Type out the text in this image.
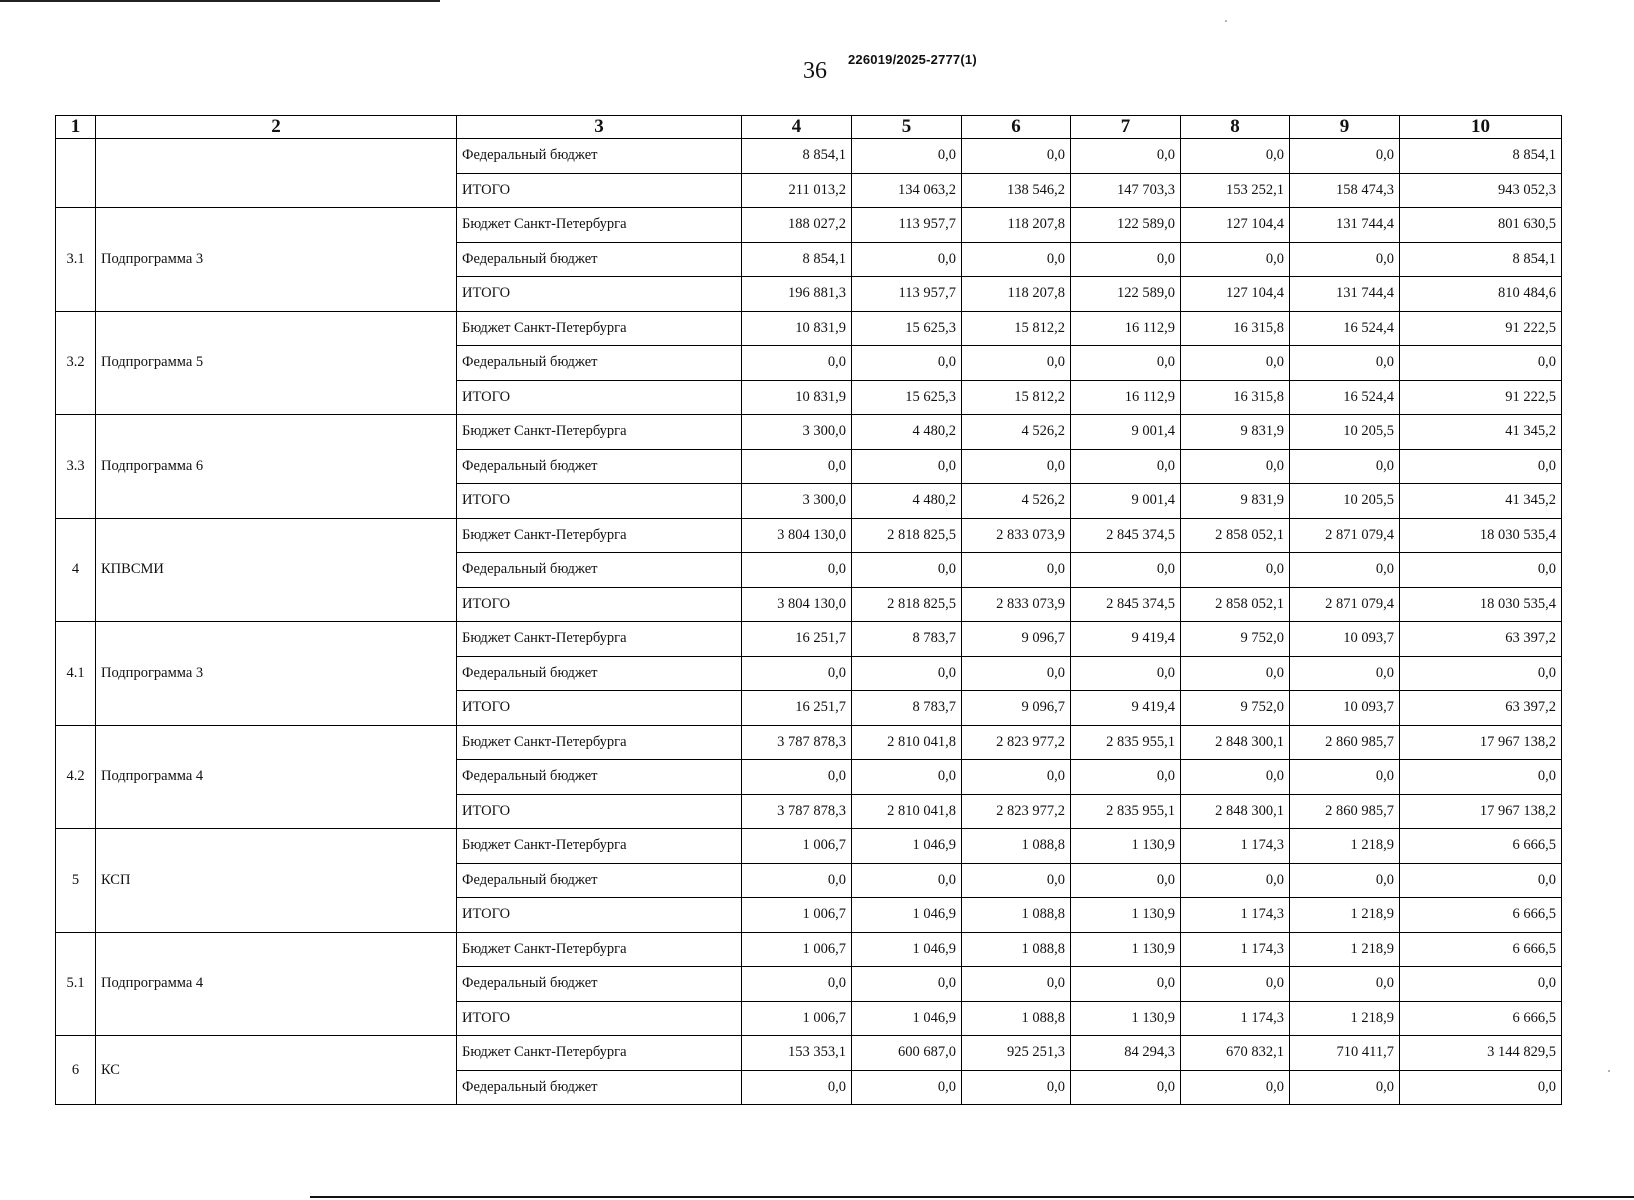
36 226019/2025-2777(1)
1	2	3	4	5	6	7	8	9	10
		Федеральный бюджет	8 854,1	0,0	0,0	0,0	0,0	0,0	8 854,1
		ИТОГО	211 013,2	134 063,2	138 546,2	147 703,3	153 252,1	158 474,3	943 052,3
3.1	Подпрограмма 3	Бюджет Санкт-Петербурга	188 027,2	113 957,7	118 207,8	122 589,0	127 104,4	131 744,4	801 630,5
		Федеральный бюджет	8 854,1	0,0	0,0	0,0	0,0	0,0	8 854,1
		ИТОГО	196 881,3	113 957,7	118 207,8	122 589,0	127 104,4	131 744,4	810 484,6
3.2	Подпрограмма 5	Бюджет Санкт-Петербурга	10 831,9	15 625,3	15 812,2	16 112,9	16 315,8	16 524,4	91 222,5
		Федеральный бюджет	0,0	0,0	0,0	0,0	0,0	0,0	0,0
		ИТОГО	10 831,9	15 625,3	15 812,2	16 112,9	16 315,8	16 524,4	91 222,5
3.3	Подпрограмма 6	Бюджет Санкт-Петербурга	3 300,0	4 480,2	4 526,2	9 001,4	9 831,9	10 205,5	41 345,2
		Федеральный бюджет	0,0	0,0	0,0	0,0	0,0	0,0	0,0
		ИТОГО	3 300,0	4 480,2	4 526,2	9 001,4	9 831,9	10 205,5	41 345,2
4	КПВСМИ	Бюджет Санкт-Петербурга	3 804 130,0	2 818 825,5	2 833 073,9	2 845 374,5	2 858 052,1	2 871 079,4	18 030 535,4
		Федеральный бюджет	0,0	0,0	0,0	0,0	0,0	0,0	0,0
		ИТОГО	3 804 130,0	2 818 825,5	2 833 073,9	2 845 374,5	2 858 052,1	2 871 079,4	18 030 535,4
4.1	Подпрограмма 3	Бюджет Санкт-Петербурга	16 251,7	8 783,7	9 096,7	9 419,4	9 752,0	10 093,7	63 397,2
		Федеральный бюджет	0,0	0,0	0,0	0,0	0,0	0,0	0,0
		ИТОГО	16 251,7	8 783,7	9 096,7	9 419,4	9 752,0	10 093,7	63 397,2
4.2	Подпрограмма 4	Бюджет Санкт-Петербурга	3 787 878,3	2 810 041,8	2 823 977,2	2 835 955,1	2 848 300,1	2 860 985,7	17 967 138,2
		Федеральный бюджет	0,0	0,0	0,0	0,0	0,0	0,0	0,0
		ИТОГО	3 787 878,3	2 810 041,8	2 823 977,2	2 835 955,1	2 848 300,1	2 860 985,7	17 967 138,2
5	КСП	Бюджет Санкт-Петербурга	1 006,7	1 046,9	1 088,8	1 130,9	1 174,3	1 218,9	6 666,5
		Федеральный бюджет	0,0	0,0	0,0	0,0	0,0	0,0	0,0
		ИТОГО	1 006,7	1 046,9	1 088,8	1 130,9	1 174,3	1 218,9	6 666,5
5.1	Подпрограмма 4	Бюджет Санкт-Петербурга	1 006,7	1 046,9	1 088,8	1 130,9	1 174,3	1 218,9	6 666,5
		Федеральный бюджет	0,0	0,0	0,0	0,0	0,0	0,0	0,0
		ИТОГО	1 006,7	1 046,9	1 088,8	1 130,9	1 174,3	1 218,9	6 666,5
6	КС	Бюджет Санкт-Петербурга	153 353,1	600 687,0	925 251,3	84 294,3	670 832,1	710 411,7	3 144 829,5
		Федеральный бюджет	0,0	0,0	0,0	0,0	0,0	0,0	0,0
